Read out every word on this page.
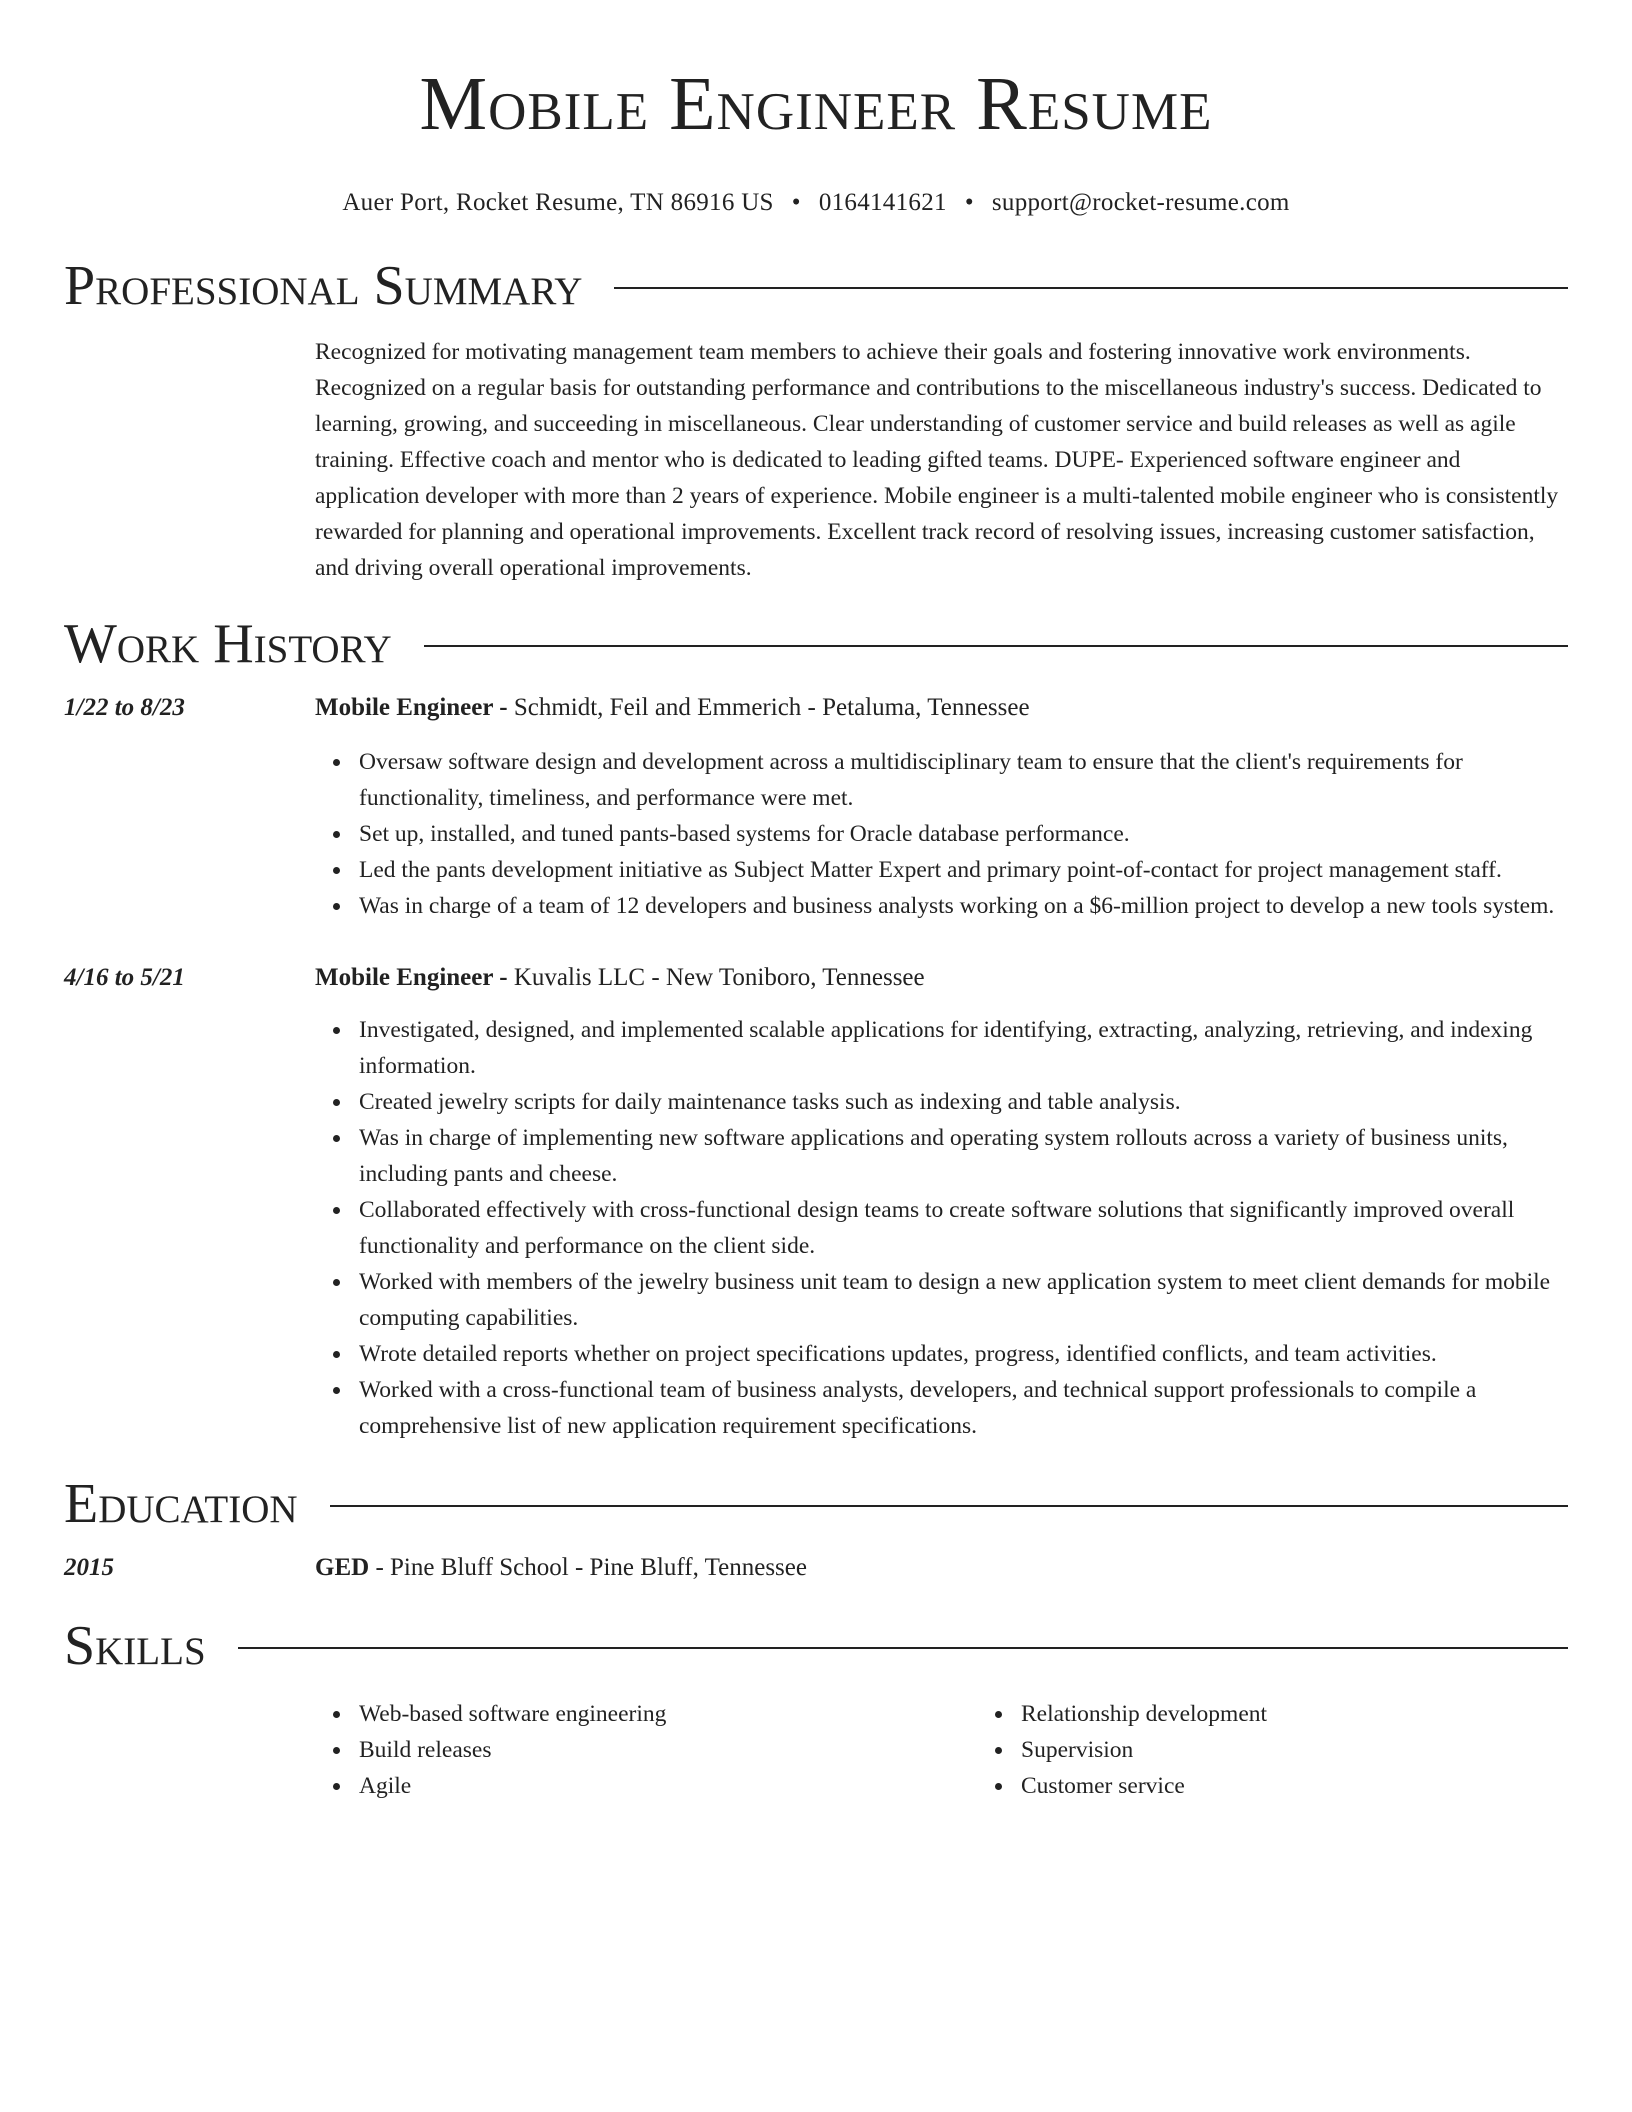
Mobile Engineer Resume
Auer Port, Rocket Resume, TN 86916 US • 0164141621 • support@rocket-resume.com
Professional Summary

Recognized for motivating management team members to achieve their goals and fostering innovative work environments. Recognized on a regular basis for outstanding performance and contributions to the miscellaneous industry's success. Dedicated to learning, growing, and succeeding in miscellaneous. Clear understanding of customer service and build releases as well as agile training. Effective coach and mentor who is dedicated to leading gifted teams. DUPE- Experienced software engineer and application developer with more than 2 years of experience. Mobile engineer is a multi-talented mobile engineer who is consistently rewarded for planning and operational improvements. Excellent track record of resolving issues, increasing customer satisfaction, and driving overall operational improvements.

Work History
1/22 to 8/23	Mobile Engineer - Schmidt, Feil and Emmerich - Petaluma, Tennessee
Oversaw software design and development across a multidisciplinary team to ensure that the client's requirements for functionality, timeliness, and performance were met.
Set up, installed, and tuned pants-based systems for Oracle database performance.
Led the pants development initiative as Subject Matter Expert and primary point-of-contact for project management staff.
Was in charge of a team of 12 developers and business analysts working on a $6-million project to develop a new tools system.
4/16 to 5/21	Mobile Engineer - Kuvalis LLC - New Toniboro, Tennessee
Investigated, designed, and implemented scalable applications for identifying, extracting, analyzing, retrieving, and indexing information.
Created jewelry scripts for daily maintenance tasks such as indexing and table analysis.
Was in charge of implementing new software applications and operating system rollouts across a variety of business units, including pants and cheese.
Collaborated effectively with cross-functional design teams to create software solutions that significantly improved overall functionality and performance on the client side.
Worked with members of the jewelry business unit team to design a new application system to meet client demands for mobile computing capabilities.
Wrote detailed reports whether on project specifications updates, progress, identified conflicts, and team activities.
Worked with a cross-functional team of business analysts, developers, and technical support professionals to compile a comprehensive list of new application requirement specifications.
Education
2015	GED - Pine Bluff School - Pine Bluff, Tennessee
Skills
Web-based software engineering
Build releases
Agile
Relationship development
Supervision
Customer service
